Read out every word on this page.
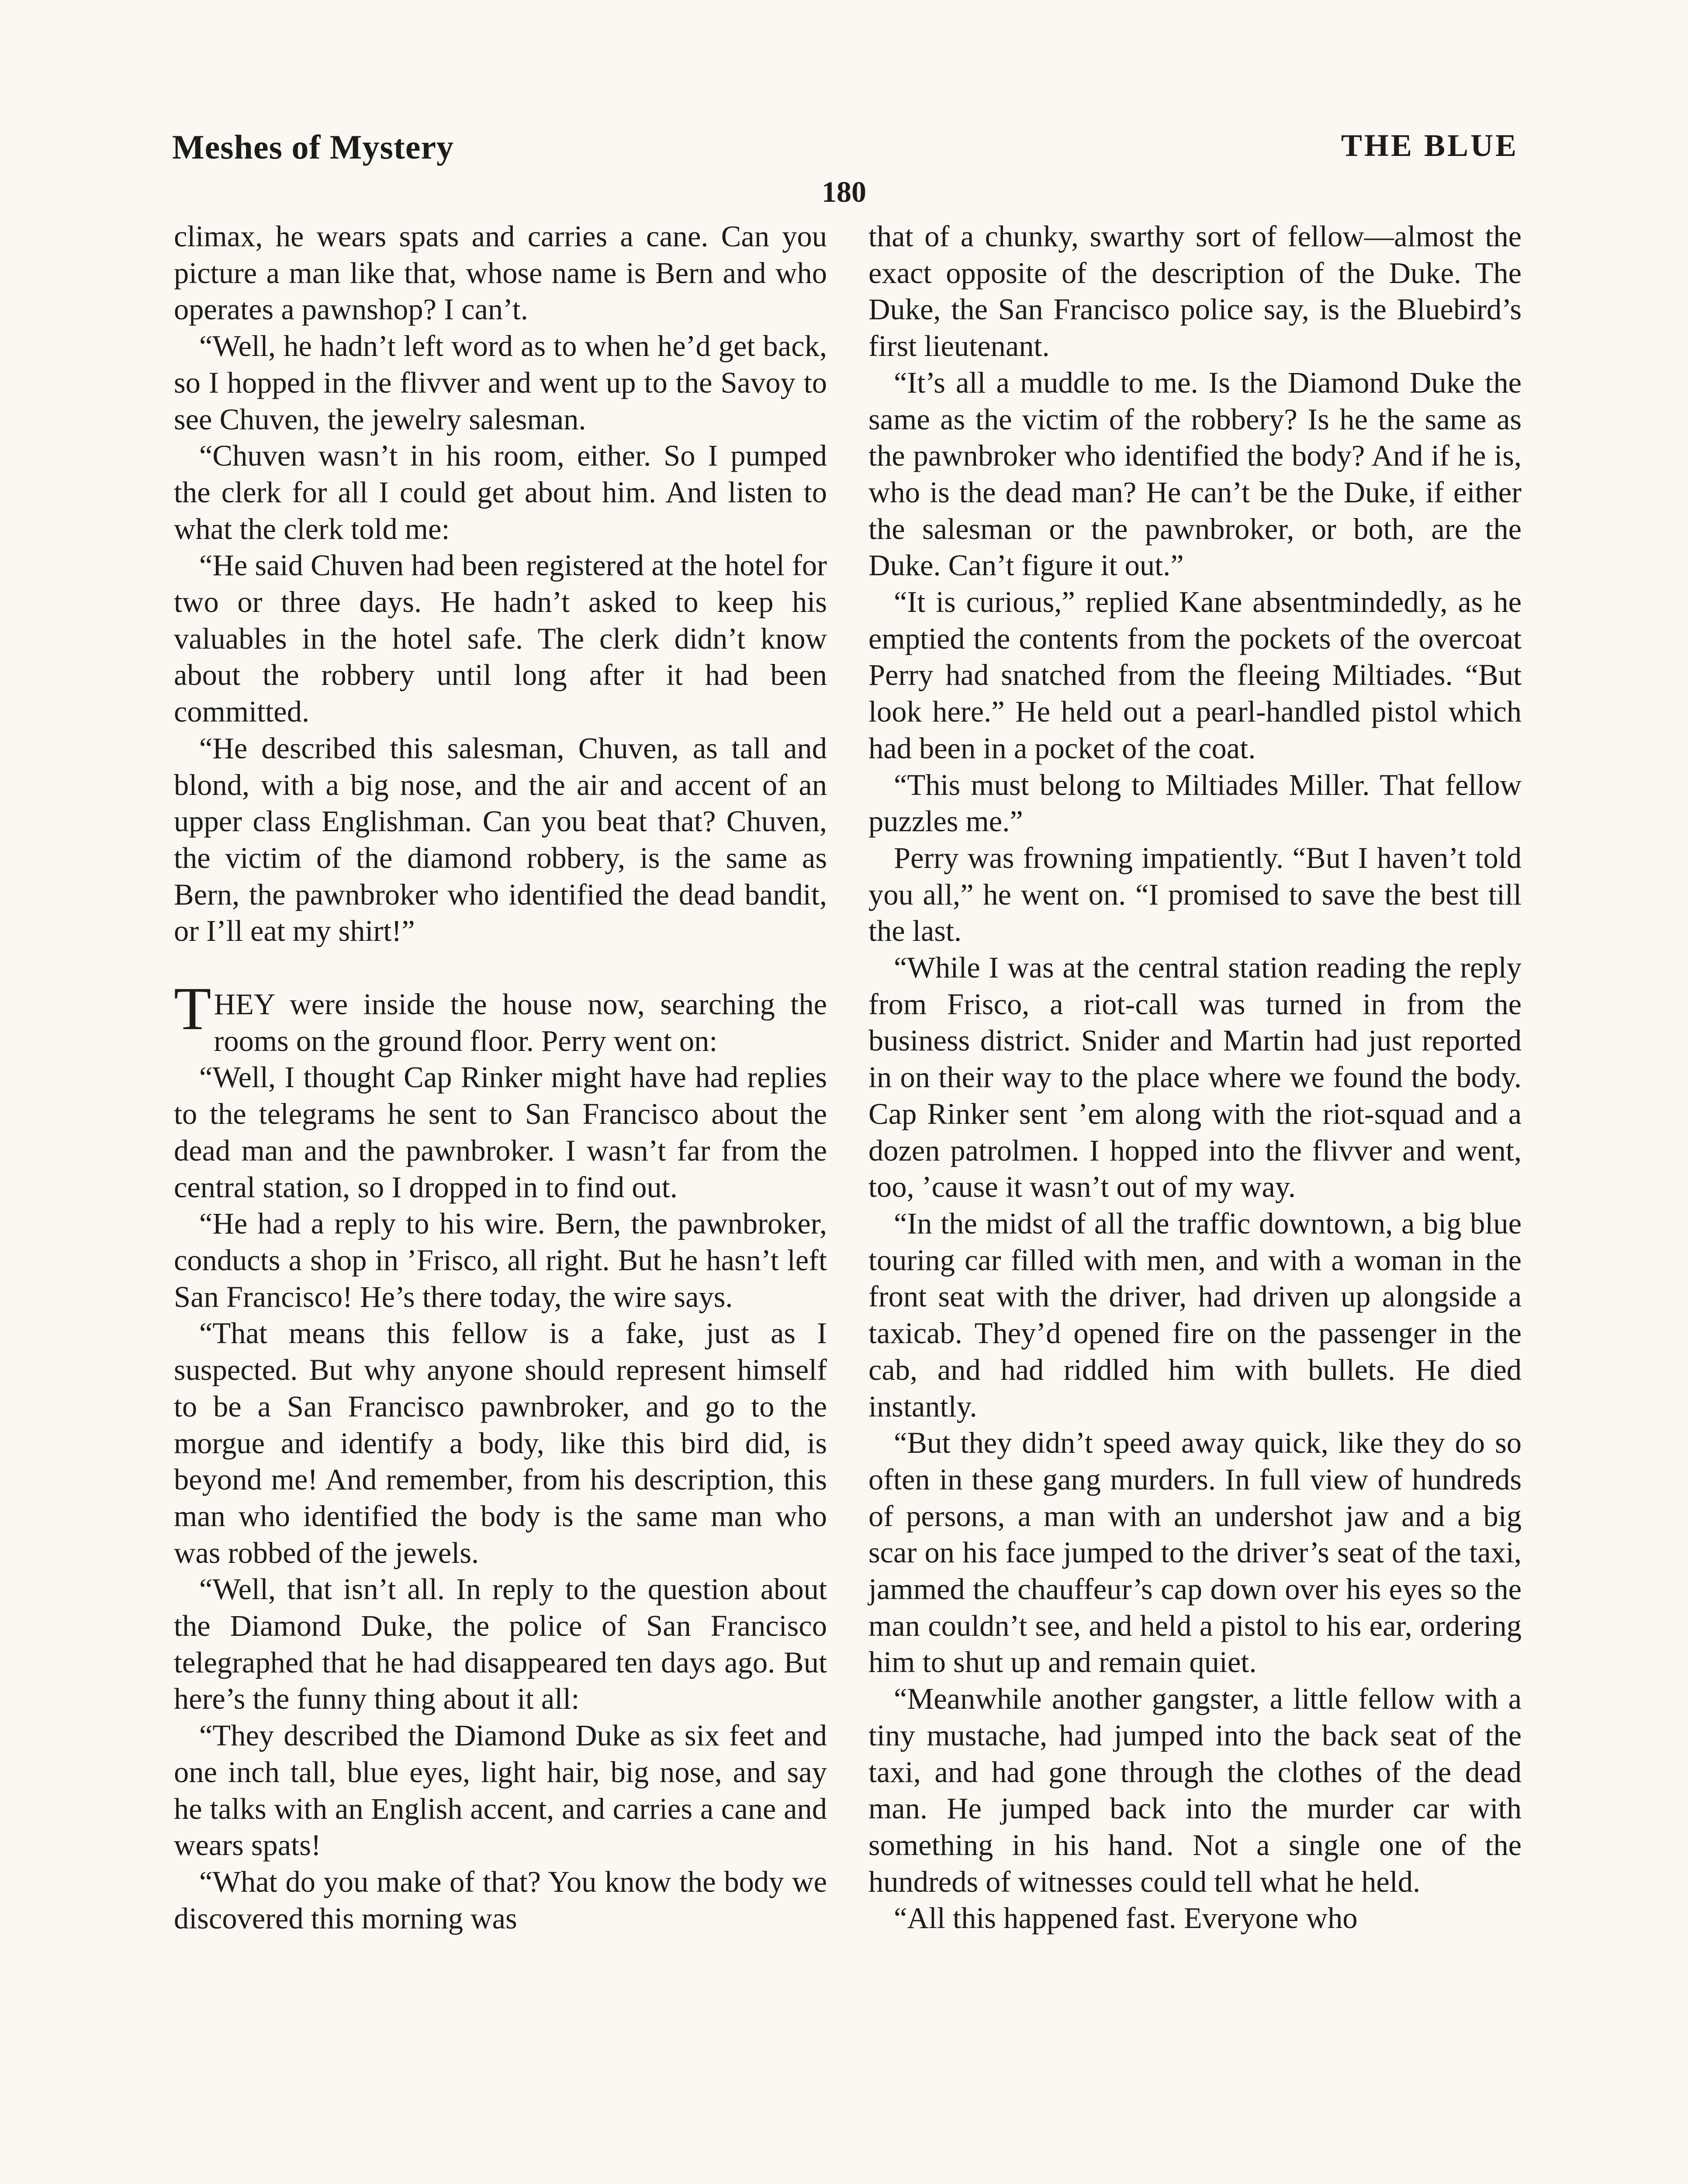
Meshes of Mystery	THE BLUE
180

climax, he wears spats and carries a cane. Can you picture a man like that, whose name is Bern and who operates a pawnshop? I can’t.

“Well, he hadn’t left word as to when he’d get back, so I hopped in the flivver and went up to the Savoy to see Chuven, the jewelry salesman.

“Chuven wasn’t in his room, either. So I pumped the clerk for all I could get about him. And listen to what the clerk told me:

“He said Chuven had been registered at the hotel for two or three days. He hadn’t asked to keep his valuables in the hotel safe. The clerk didn’t know about the robbery until long after it had been committed.

“He described this salesman, Chuven, as tall and blond, with a big nose, and the air and accent of an upper class Englishman. Can you beat that? Chuven, the victim of the diamond robbery, is the same as Bern, the pawnbroker who identified the dead bandit, or I’ll eat my shirt!”

THEY were inside the house now, searching the rooms on the ground floor. Perry went on:

“Well, I thought Cap Rinker might have had replies to the telegrams he sent to San Francisco about the dead man and the pawnbroker. I wasn’t far from the central station, so I dropped in to find out.

“He had a reply to his wire. Bern, the pawnbroker, conducts a shop in ’Frisco, all right. But he hasn’t left San Francisco! He’s there today, the wire says.

“That means this fellow is a fake, just as I suspected. But why anyone should represent himself to be a San Francisco pawnbroker, and go to the morgue and identify a body, like this bird did, is beyond me! And remember, from his description, this man who identified the body is the same man who was robbed of the jewels.

“Well, that isn’t all. In reply to the question about the Diamond Duke, the police of San Francisco telegraphed that he had disappeared ten days ago. But here’s the funny thing about it all:

“They described the Diamond Duke as six feet and one inch tall, blue eyes, light hair, big nose, and say he talks with an English accent, and carries a cane and wears spats!

“What do you make of that? You know the body we discovered this morning was

that of a chunky, swarthy sort of fellow—almost the exact opposite of the description of the Duke. The Duke, the San Francisco police say, is the Bluebird’s first lieutenant.

“It’s all a muddle to me. Is the Diamond Duke the same as the victim of the robbery? Is he the same as the pawnbroker who identified the body? And if he is, who is the dead man? He can’t be the Duke, if either the salesman or the pawnbroker, or both, are the Duke. Can’t figure it out.”

“It is curious,” replied Kane absentmindedly, as he emptied the contents from the pockets of the overcoat Perry had snatched from the fleeing Miltiades. “But look here.” He held out a pearl-handled pistol which had been in a pocket of the coat.

“This must belong to Miltiades Miller. That fellow puzzles me.”

Perry was frowning impatiently. “But I haven’t told you all,” he went on. “I promised to save the best till the last.

“While I was at the central station reading the reply from Frisco, a riot-call was turned in from the business district. Snider and Martin had just reported in on their way to the place where we found the body. Cap Rinker sent ’em along with the riot-squad and a dozen patrolmen. I hopped into the flivver and went, too, ’cause it wasn’t out of my way.

“In the midst of all the traffic downtown, a big blue touring car filled with men, and with a woman in the front seat with the driver, had driven up alongside a taxicab. They’d opened fire on the passenger in the cab, and had riddled him with bullets. He died instantly.

“But they didn’t speed away quick, like they do so often in these gang murders. In full view of hundreds of persons, a man with an undershot jaw and a big scar on his face jumped to the driver’s seat of the taxi, jammed the chauffeur’s cap down over his eyes so the man couldn’t see, and held a pistol to his ear, ordering him to shut up and remain quiet.

“Meanwhile another gangster, a little fellow with a tiny mustache, had jumped into the back seat of the taxi, and had gone through the clothes of the dead man. He jumped back into the murder car with something in his hand. Not a single one of the hundreds of witnesses could tell what he held.

“All this happened fast. Everyone who
